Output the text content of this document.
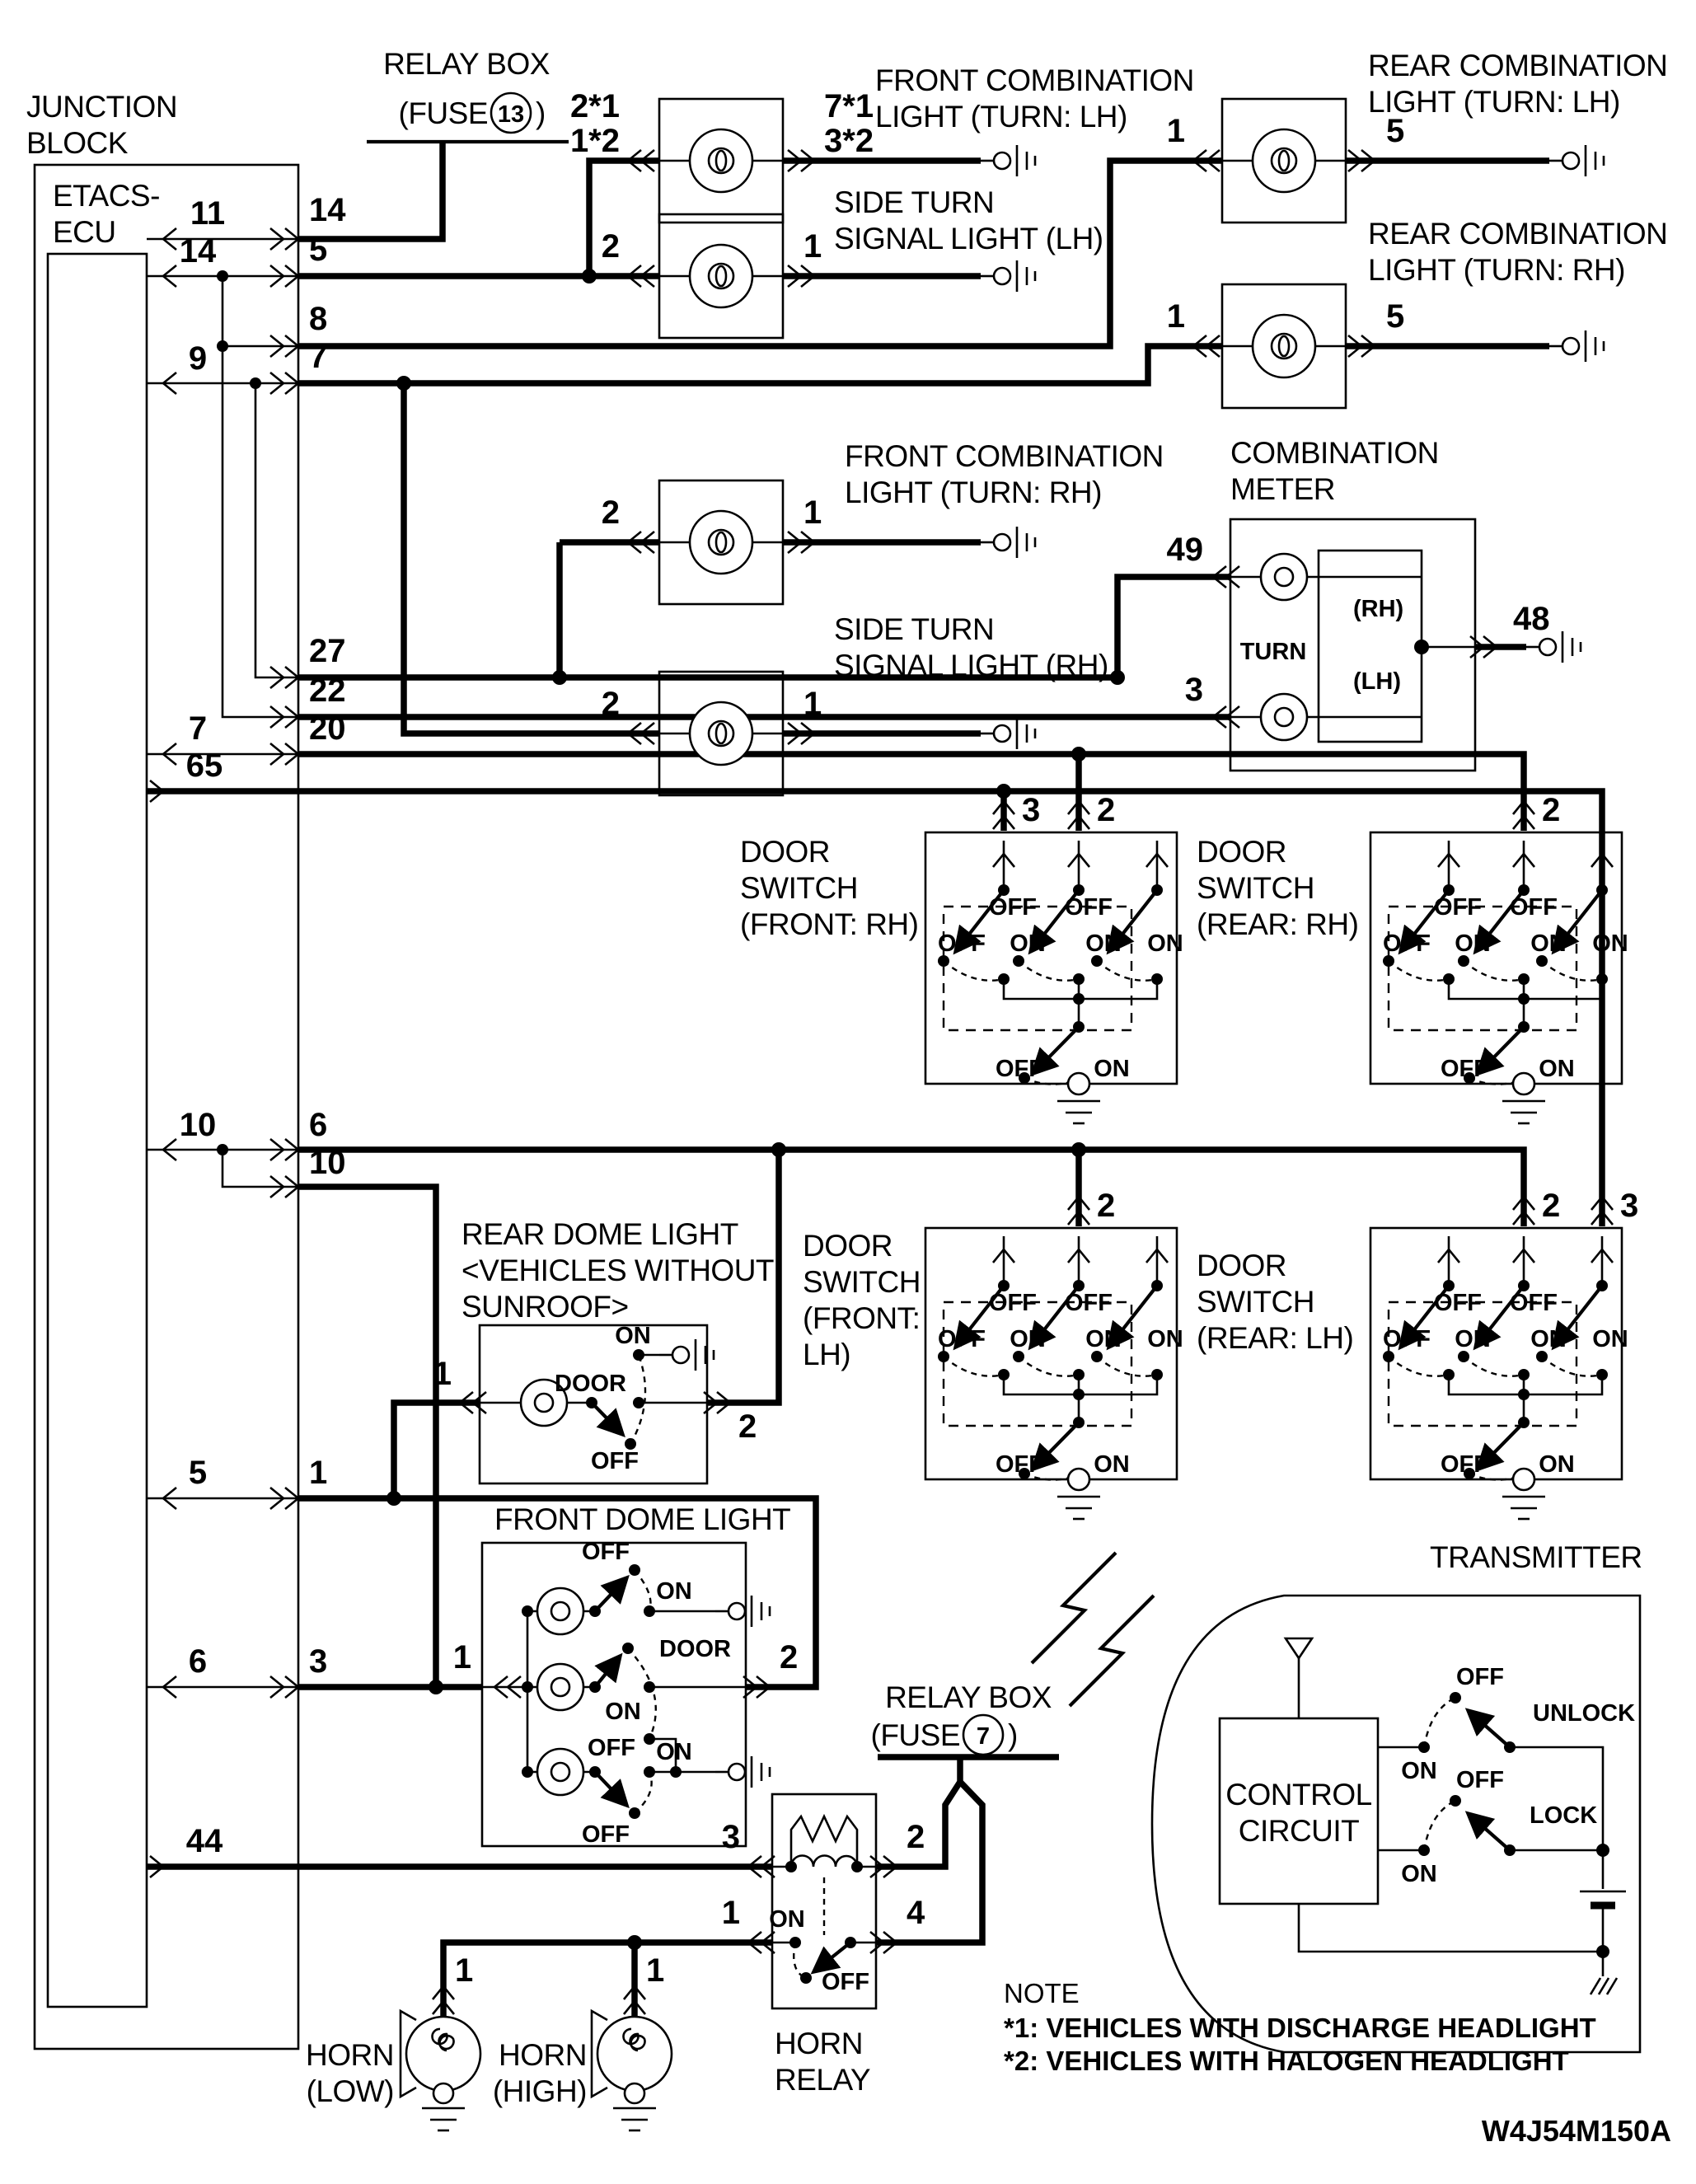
JUNCTION
BLOCK
ETACS-
ECU
RELAY BOX
(FUSE 13 )
11	14
14	5
8
9	7
27
22
7	20
65
10	6
10
5	1
6	3
44
2*1
1*2
7*1
3*2
FRONT COMBINATION
LIGHT (TURN: LH)
2	1
SIDE TURN
SIGNAL LIGHT (LH)
1	5
REAR COMBINATION
LIGHT (TURN: LH)
1	5
REAR COMBINATION
LIGHT (TURN: RH)
2	1
FRONT COMBINATION
LIGHT (TURN: RH)
2	1
SIDE TURN
SIGNAL LIGHT (RH)
COMBINATION
METER
49
3
TURN
(RH)
(LH)
48
3 2
DOOR
SWITCH
(FRONT: RH)	OFF OFF
OFF ON ON ON
OFF ON
2
DOOR
SWITCH
(REAR: RH)	OFF OFF
OFF ON ON ON
OFF ON
2
DOOR
SWITCH
(FRONT:
LH)
OFF OFF
OFF ON ON ON
OFF ON
2 3
DOOR
SWITCH
(REAR: LH)
OFF OFF
OFF ON ON ON
OFF ON
REAR DOME LIGHT
<VEHICLES WITHOUT
SUNROOF>
1
2
ON
DOOR
OFF
FRONT DOME LIGHT
OFF
ON
DOOR
ON
OFF ON
OFF
1	2
RELAY BOX
(FUSE 7 )
ON
OFF
3	2
1	4
HORN
RELAY
1
HORN
(LOW)
1
HORN
(HIGH)
TRANSMITTER
CONTROL
CIRCUIT
OFF
UNLOCK
ON OFF
LOCK
ON
NOTE
*1: VEHICLES WITH DISCHARGE HEADLIGHT
*2: VEHICLES WITH HALOGEN HEADLIGHT
W4J54M150A
